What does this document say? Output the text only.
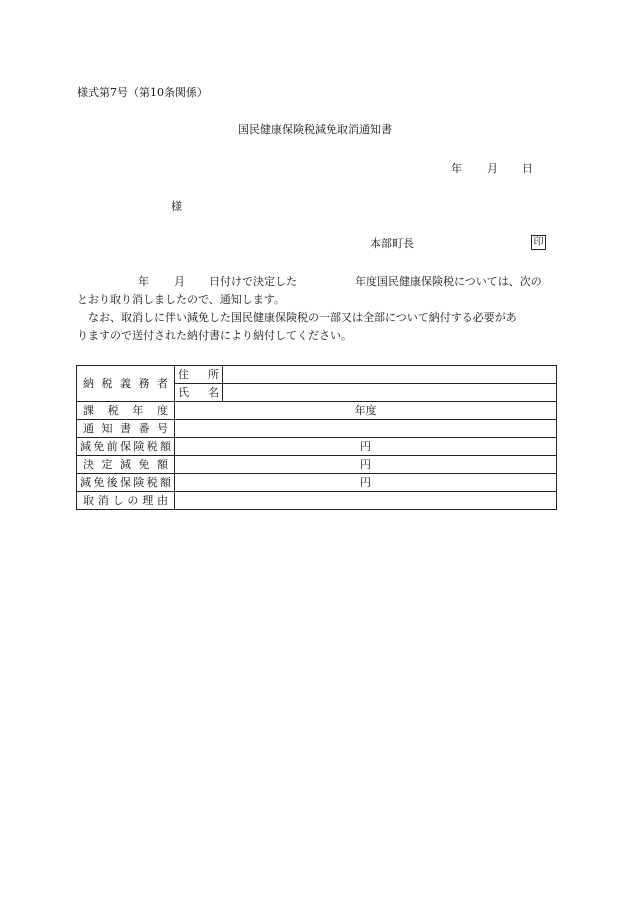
様式第7号（第10条関係）
国民健康保険税減免取消通知書
年 月 日
様
本部町長	印
年 月 日付けで決定した	年度国民健康保険税については、次の
とおり取り消しましたので、通知します。
なお、取消しに伴い減免した国民健康保険税の一部又は全部について納付する必要があ
りますので送付された納付書により納付してください。
納税義務者	住所	
	氏名	
課税年度	年度	
通知書番号		
減免前保険税額	円	
決定減免額	円	
減免後保険税額	円	
取消しの理由		
